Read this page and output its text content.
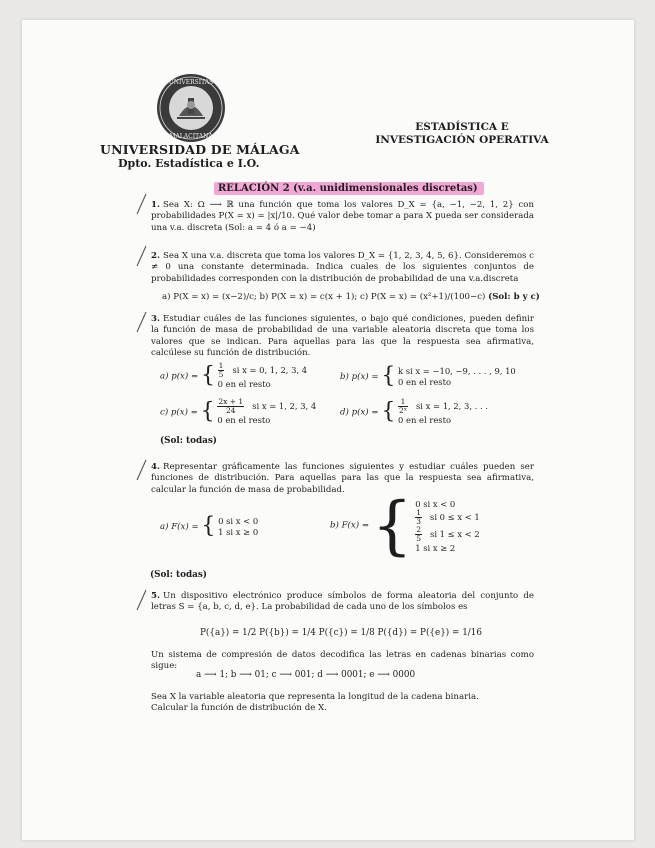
UNIVERSITAS
MALACITANA
UNIVERSIDAD DE MÁLAGA
Dpto. Estadística e I.O.
ESTADÍSTICA E
INVESTIGACIÓN OPERATIVA
RELACIÓN 2 (v.a. unidimensionales discretas)
1. Sea X: Ω ⟶ ℝ una función que toma los valores D_X = {a, −1, −2, 1, 2} con probabilidades P(X = x) = |x|/10. Qué valor debe tomar a para X pueda ser considerada una v.a. discreta (Sol: a = 4 ó a = −4)
2. Sea X una v.a. discreta que toma los valores D_X = {1, 2, 3, 4, 5, 6}. Consideremos c ≠ 0 una constante determinada. Indica cuales de los siguientes conjuntos de probabilidades corresponden con la distribución de probabilidad de una v.a.discreta
a) P(X = x) = (x−2)/c; b) P(X = x) = c(x + 1); c) P(X = x) = (x²+1)/(100−c) (Sol: b y c)
3. Estudiar cuáles de las funciones siguientes, o bajo qué condiciones, pueden definir la función de masa de probabilidad de una variable aleatoria discreta que toma los valores que se indican. Para aquellas para las que la respuesta sea afirmativa, calcúlese su función de distribución.
a) p(x) = { $\frac{1}{5}$ si x = 0, 1, 2, 3, 4
0 en el resto
b) p(x) = { k si x = −10, −9, . . . , 9, 10
0 en el resto
c) p(x) = { $\frac{2x + 1}{24}$ si x = 1, 2, 3, 4
0 en el resto
d) p(x) = { $\frac{1}{\text{2ˣ}}$ si x = 1, 2, 3, . . .
0 en el resto
(Sol: todas)
4. Representar gráficamente las funciones siguientes y estudiar cuáles pueden ser funciones de distribución. Para aquellas para las que la respuesta sea afirmativa, calcular la función de masa de probabilidad.
a) F(x) = { 0 si x < 0
1 si x ≥ 0
b) F(x) = { 0 si x < 0
$\frac{1}{3}$ si 0 ≤ x < 1
$\frac{2}{5}$ si 1 ≤ x < 2
1 si x ≥ 2
(Sol: todas)
5. Un dispositivo electrónico produce símbolos de forma aleatoria del conjunto de letras S = {a, b, c, d, e}. La probabilidad de cada uno de los símbolos es
P({a}) = 1/2 P({b}) = 1/4 P({c}) = 1/8 P({d}) = P({e}) = 1/16
Un sistema de compresión de datos decodifica las letras en cadenas binarias como sigue:
a ⟶ 1; b ⟶ 01; c ⟶ 001; d ⟶ 0001; e ⟶ 0000
Sea X la variable aleatoria que representa la longitud de la cadena binaria.
Calcular la función de distribución de X.
